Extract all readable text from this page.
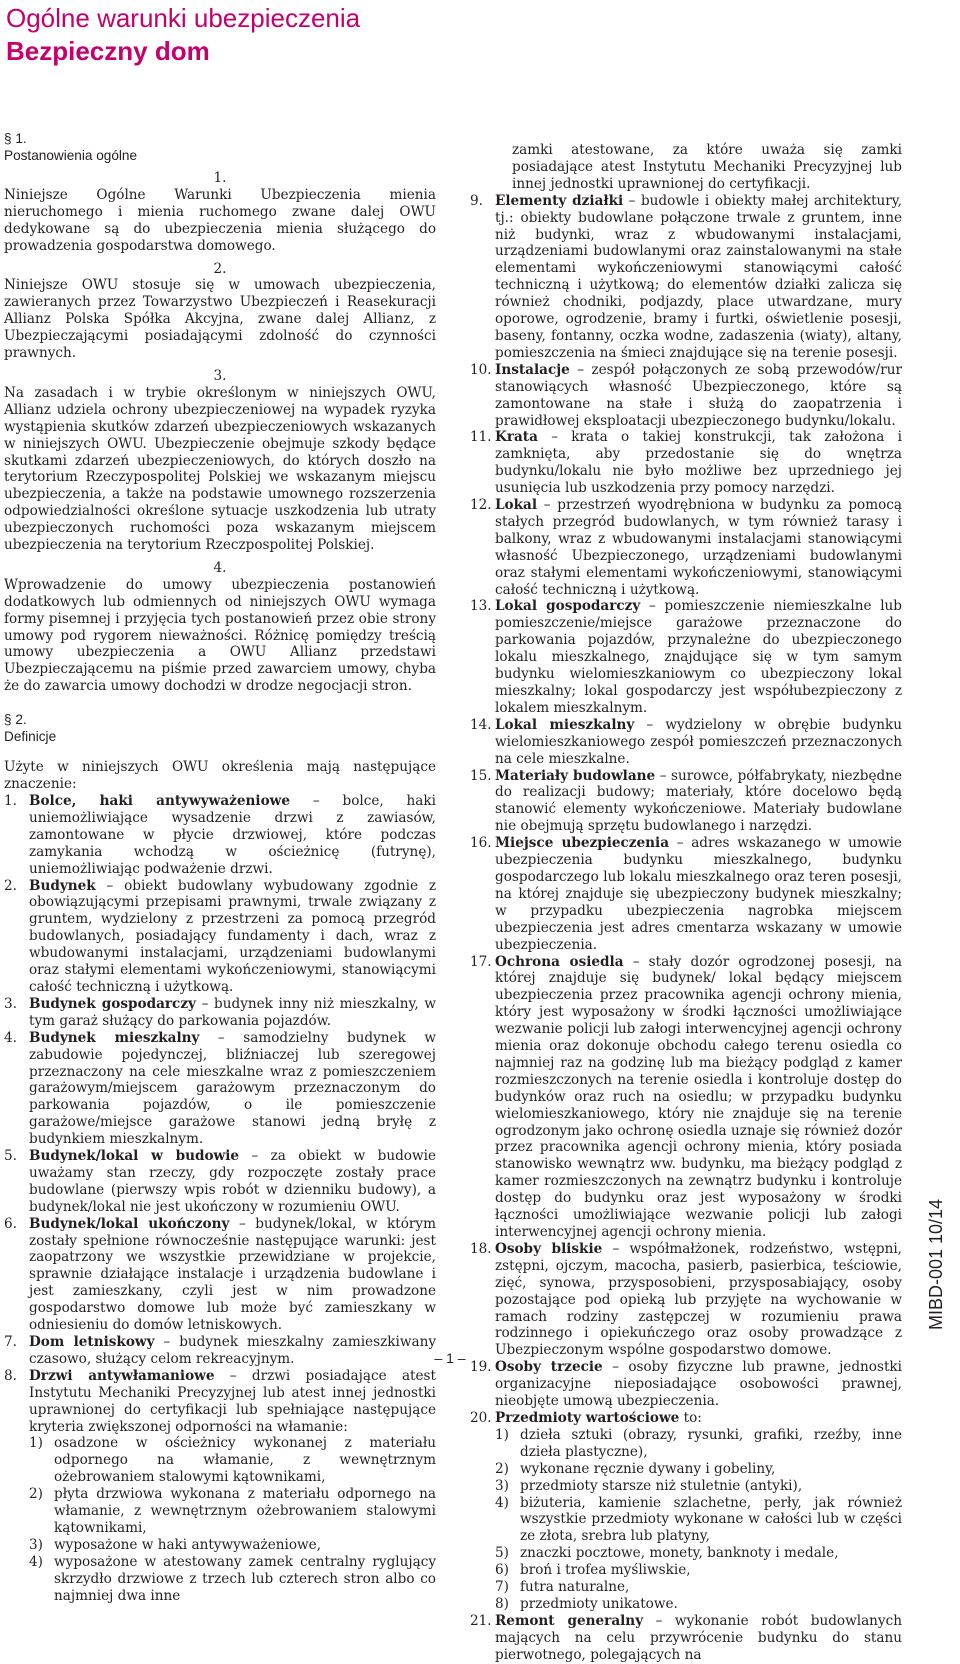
Ogólne warunki ubezpieczenia
Bezpieczny dom
§ 1.
Postanowienia ogólne
1.

Niniejsze Ogólne Warunki Ubezpieczenia mienia nieruchomego i mienia ruchomego zwane dalej OWU dedykowane są do ubezpieczenia mienia służącego do prowadzenia gospodarstwa domowego.

2.

Niniejsze OWU stosuje się w umowach ubezpieczenia, zawieranych przez Towarzystwo Ubezpieczeń i Reasekuracji Allianz Polska Spółka Akcyjna, zwane dalej Allianz, z Ubezpieczającymi posiadającymi zdolność do czynności prawnych.

3.

Na zasadach i w trybie określonym w niniejszych OWU, Allianz udziela ochrony ubezpieczeniowej na wypadek ryzyka wystąpienia skutków zdarzeń ubezpieczeniowych wskazanych w niniejszych OWU. Ubezpieczenie obejmuje szkody będące skutkami zdarzeń ubezpieczeniowych, do których doszło na terytorium Rzeczypospolitej Polskiej we wskazanym miejscu ubezpieczenia, a także na podstawie umownego rozszerzenia odpowiedzialności określone sytuacje uszkodzenia lub utraty ubezpieczonych ruchomości poza wskazanym miejscem ubezpieczenia na terytorium Rzeczpospolitej Polskiej.

4.

Wprowadzenie do umowy ubezpieczenia postanowień dodatkowych lub odmiennych od niniejszych OWU wymaga formy pisemnej i przyjęcia tych postanowień przez obie strony umowy pod rygorem nieważności. Różnicę pomiędzy treścią umowy ubezpieczenia a OWU Allianz przedstawi Ubezpieczającemu na piśmie przed zawarciem umowy, chyba że do zawarcia umowy dochodzi w drodze negocjacji stron.

§ 2.
Definicje

Użyte w niniejszych OWU określenia mają następujące znaczenie:

1. Bolce, haki antywyważeniowe – bolce, haki uniemożliwiające wysadzenie drzwi z zawiasów, zamontowane w płycie drzwiowej, które podczas zamykania wchodzą w ościeżnicę (futrynę), uniemożliwiając podważenie drzwi.
2. Budynek – obiekt budowlany wybudowany zgodnie z obowiązującymi przepisami prawnymi, trwale związany z gruntem, wydzielony z przestrzeni za pomocą przegród budowlanych, posiadający fundamenty i dach, wraz z wbudowanymi instalacjami, urządzeniami budowlanymi oraz stałymi elementami wykończeniowymi, stanowiącymi całość techniczną i użytkową.
3. Budynek gospodarczy – budynek inny niż mieszkalny, w tym garaż służący do parkowania pojazdów.
4. Budynek mieszkalny – samodzielny budynek w zabudowie pojedynczej, bliźniaczej lub szeregowej przeznaczony na cele mieszkalne wraz z pomieszczeniem garażowym/miejscem garażowym przeznaczonym do parkowania pojazdów, o ile pomieszczenie garażowe/miejsce garażowe stanowi jedną bryłę z budynkiem mieszkalnym.
5. Budynek/lokal w budowie – za obiekt w budowie uważamy stan rzeczy, gdy rozpoczęte zostały prace budowlane (pierwszy wpis robót w dzienniku budowy), a budynek/lokal nie jest ukończony w rozumieniu OWU.
6. Budynek/lokal ukończony – budynek/lokal, w którym zostały spełnione równocześnie następujące warunki: jest zaopatrzony we wszystkie przewidziane w projekcie, sprawnie działające instalacje i urządzenia budowlane i jest zamieszkany, czyli jest w nim prowadzone gospodarstwo domowe lub może być zamieszkany w odniesieniu do domów letniskowych.
7. Dom letniskowy – budynek mieszkalny zamieszkiwany czasowo, służący celom rekreacyjnym.
8. Drzwi antywłamaniowe – drzwi posiadające atest Instytutu Mechaniki Precyzyjnej lub atest innej jednostki uprawnionej do certyfikacji lub spełniające następujące kryteria zwiększonej odporności na włamanie:
1) osadzone w ościeżnicy wykonanej z materiału odpornego na włamanie, z wewnętrznym ożebrowaniem stalowymi kątownikami,
2) płyta drzwiowa wykonana z materiału odpornego na włamanie, z wewnętrznym ożebrowaniem stalowymi kątownikami,
3) wyposażone w haki antywyważeniowe,
4) wyposażone w atestowany zamek centralny ryglujący skrzydło drzwiowe z trzech lub czterech stron albo co najmniej dwa inne
zamki atestowane, za które uważa się zamki posiadające atest Instytutu Mechaniki Precyzyjnej lub innej jednostki uprawnionej do certyfikacji.
9. Elementy działki – budowle i obiekty małej architektury, tj.: obiekty budowlane połączone trwale z gruntem, inne niż budynki, wraz z wbudowanymi instalacjami, urządzeniami budowlanymi oraz zainstalowanymi na stałe elementami wykończeniowymi stanowiącymi całość techniczną i użytkową; do elementów działki zalicza się również chodniki, podjazdy, place utwardzane, mury oporowe, ogrodzenie, bramy i furtki, oświetlenie posesji, baseny, fontanny, oczka wodne, zadaszenia (wiaty), altany, pomieszczenia na śmieci znajdujące się na terenie posesji.
10. Instalacje – zespół połączonych ze sobą przewodów/rur stanowiących własność Ubezpieczonego, które są zamontowane na stałe i służą do zaopatrzenia i prawidłowej eksploatacji ubezpieczonego budynku/lokalu.
11. Krata – krata o takiej konstrukcji, tak założona i zamknięta, aby przedostanie się do wnętrza budynku/lokalu nie było możliwe bez uprzedniego jej usunięcia lub uszkodzenia przy pomocy narzędzi.
12. Lokal – przestrzeń wyodrębniona w budynku za pomocą stałych przegród budowlanych, w tym również tarasy i balkony, wraz z wbudowanymi instalacjami stanowiącymi własność Ubezpieczonego, urządzeniami budowlanymi oraz stałymi elementami wykończeniowymi, stanowiącymi całość techniczną i użytkową.
13. Lokal gospodarczy – pomieszczenie niemieszkalne lub pomieszczenie/miejsce garażowe przeznaczone do parkowania pojazdów, przynależne do ubezpieczonego lokalu mieszkalnego, znajdujące się w tym samym budynku wielomieszkaniowym co ubezpieczony lokal mieszkalny; lokal gospodarczy jest współubezpieczony z lokalem mieszkalnym.
14. Lokal mieszkalny – wydzielony w obrębie budynku wielomieszkaniowego zespół pomieszczeń przeznaczonych na cele mieszkalne.
15. Materiały budowlane – surowce, półfabrykaty, niezbędne do realizacji budowy; materiały, które docelowo będą stanowić elementy wykończeniowe. Materiały budowlane nie obejmują sprzętu budowlanego i narzędzi.
16. Miejsce ubezpieczenia – adres wskazanego w umowie ubezpieczenia budynku mieszkalnego, budynku gospodarczego lub lokalu mieszkalnego oraz teren posesji, na której znajduje się ubezpieczony budynek mieszkalny; w przypadku ubezpieczenia nagrobka miejscem ubezpieczenia jest adres cmentarza wskazany w umowie ubezpieczenia.
17. Ochrona osiedla – stały dozór ogrodzonej posesji, na której znajduje się budynek/ lokal będący miejscem ubezpieczenia przez pracownika agencji ochrony mienia, który jest wyposażony w środki łączności umożliwiające wezwanie policji lub załogi interwencyjnej agencji ochrony mienia oraz dokonuje obchodu całego terenu osiedla co najmniej raz na godzinę lub ma bieżący podgląd z kamer rozmieszczonych na terenie osiedla i kontroluje dostęp do budynków oraz ruch na osiedlu; w przypadku budynku wielomieszkaniowego, który nie znajduje się na terenie ogrodzonym jako ochronę osiedla uznaje się również dozór przez pracownika agencji ochrony mienia, który posiada stanowisko wewnątrz ww. budynku, ma bieżący podgląd z kamer rozmieszczonych na zewnątrz budynku i kontroluje dostęp do budynku oraz jest wyposażony w środki łączności umożliwiające wezwanie policji lub załogi interwencyjnej agencji ochrony mienia.
18. Osoby bliskie – współmałżonek, rodzeństwo, wstępni, zstępni, ojczym, macocha, pasierb, pasierbica, teściowie, zięć, synowa, przysposobieni, przysposabiający, osoby pozostające pod opieką lub przyjęte na wychowanie w ramach rodziny zastępczej w rozumieniu prawa rodzinnego i opiekuńczego oraz osoby prowadzące z Ubezpieczonym wspólne gospodarstwo domowe.
19. Osoby trzecie – osoby fizyczne lub prawne, jednostki organizacyjne nieposiadające osobowości prawnej, nieobjęte umową ubezpieczenia.
20. Przedmioty wartościowe to:
1) dzieła sztuki (obrazy, rysunki, grafiki, rzeźby, inne dzieła plastyczne),
2) wykonane ręcznie dywany i gobeliny,
3) przedmioty starsze niż stuletnie (antyki),
4) biżuteria, kamienie szlachetne, perły, jak również wszystkie przedmioty wykonane w całości lub w części ze złota, srebra lub platyny,
5) znaczki pocztowe, monety, banknoty i medale,
6) broń i trofea myśliwskie,
7) futra naturalne,
8) przedmioty unikatowe.
21. Remont generalny – wykonanie robót budowlanych mających na celu przywrócenie budynku do stanu pierwotnego, polegających na
– 1 –
MIBD-001 10/14
